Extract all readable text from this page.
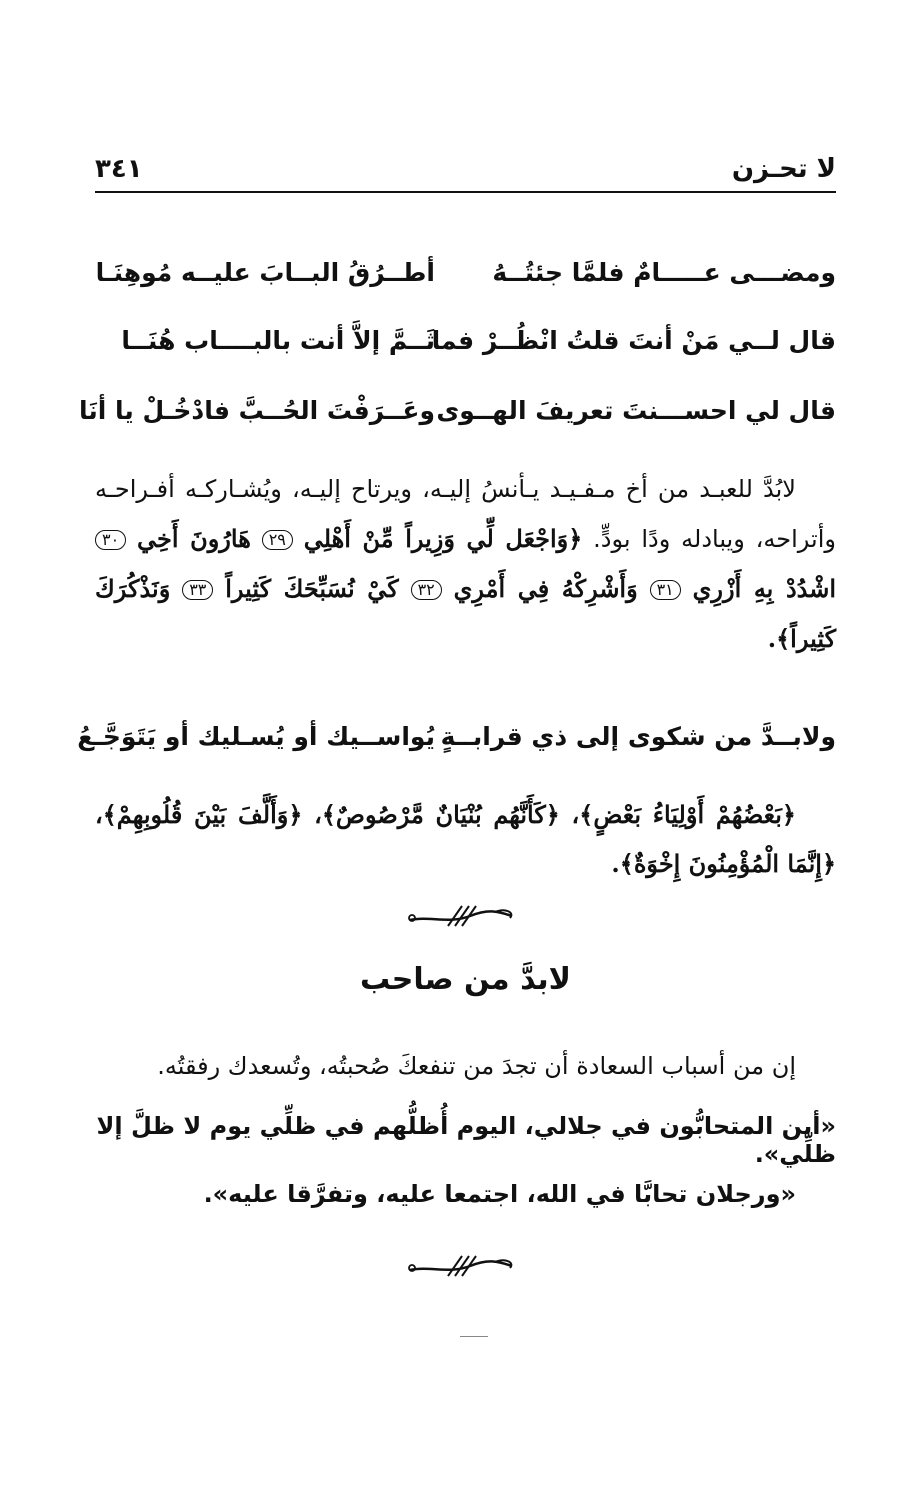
لا تحـزن
٣٤١
ومضـــى عـــــامٌ فلمَّا جئتُــهُ
أطــرُقُ البــابَ عليــه مُوهِنَـا
قال لــي مَنْ أنتَ قلتُ انْظُــرْ فما
ثَــمَّ إلاَّ أنت بالبــــاب هُنَــا
قال لي احســـنتَ تعريفَ الهــوى
وعَــرَفْتَ الحُــبَّ فادْخُـلْ يا أنَا

لابُدَّ للعبـد من أخ مـفـيـد يـأنسُ إليـه، ويرتاح إليـه، ويُشـاركـه أفـراحـه وأتراحه، ويبادله ودًا بودٍّ. ﴿وَاجْعَل لِّي وَزِيراً مِّنْ أَهْلِي ٢٩ هَارُونَ أَخِي ٣٠ اشْدُدْ بِهِ أَزْرِي ٣١ وَأَشْرِكْهُ فِي أَمْرِي ٣٢ كَيْ نُسَبِّحَكَ كَثِيراً ٣٣ وَنَذْكُرَكَ كَثِيراً﴾.

ولابــدَّ من شكوى إلى ذي قرابــةٍ
يُواســيك أو يُسـليك أو يَتَوَجَّـعُ

﴿بَعْضُهُمْ أَوْلِيَاءُ بَعْضٍ﴾، ﴿كَأَنَّهُم بُنْيَانٌ مَّرْصُوصٌ﴾، ﴿وَأَلَّفَ بَيْنَ قُلُوبِهِمْ﴾، ﴿إِنَّمَا الْمُؤْمِنُونَ إِخْوَةٌ﴾.

لابدَّ من صاحب

إن من أسباب السعادة أن تجدَ من تنفعكَ صُحبتُه، وتُسعدك رفقتُه.

«أين المتحابُّون في جلالي، اليوم أُظلُّهم في ظلِّي يوم لا ظلَّ إلا ظلِّي».

«ورجلان تحابَّا في الله، اجتمعا عليه، وتفرَّقا عليه».
